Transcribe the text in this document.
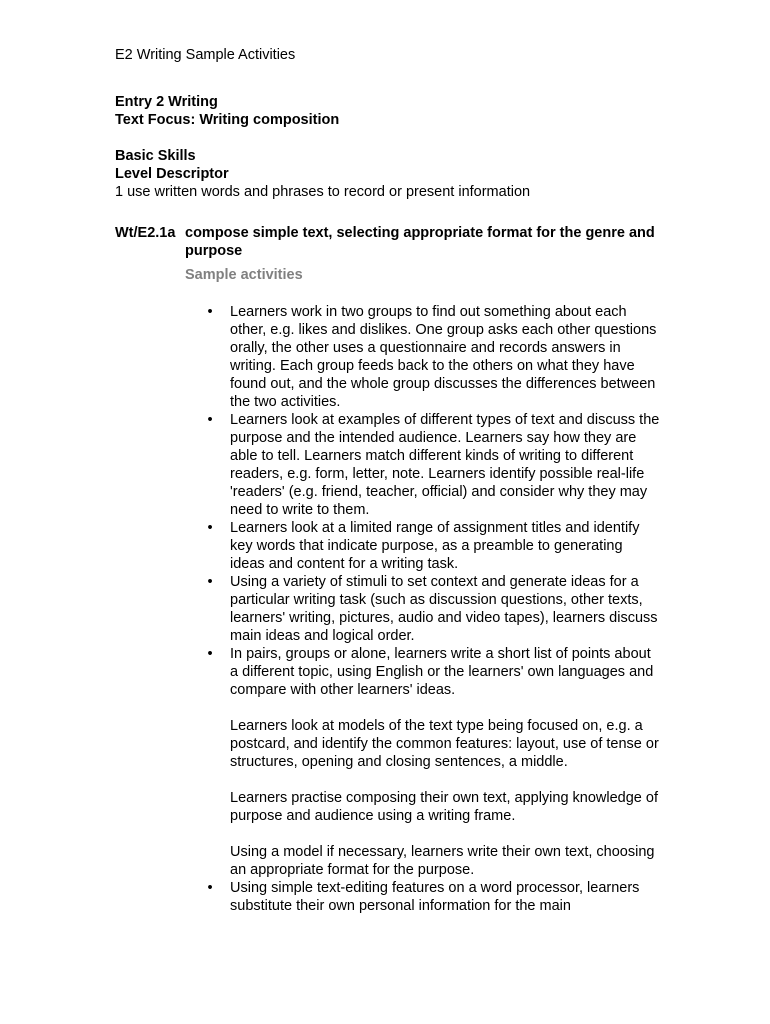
E2 Writing Sample Activities
Entry 2 Writing
Text Focus: Writing composition
Basic Skills
Level Descriptor
1 use written words and phrases to record or present information
Wt/E2.1a compose simple text, selecting appropriate format for the genre and purpose
Sample activities
• Learners work in two groups to find out something about each other, e.g. likes and dislikes. One group asks each other questions orally, the other uses a questionnaire and records answers in writing. Each group feeds back to the others on what they have found out, and the whole group discusses the differences between the two activities.
• Learners look at examples of different types of text and discuss the purpose and the intended audience. Learners say how they are able to tell. Learners match different kinds of writing to different readers, e.g. form, letter, note. Learners identify possible real-life 'readers' (e.g. friend, teacher, official) and consider why they may need to write to them.
• Learners look at a limited range of assignment titles and identify key words that indicate purpose, as a preamble to generating ideas and content for a writing task.
• Using a variety of stimuli to set context and generate ideas for a particular writing task (such as discussion questions, other texts, learners' writing, pictures, audio and video tapes), learners discuss main ideas and logical order.
• In pairs, groups or alone, learners write a short list of points about a different topic, using English or the learners' own languages and compare with other learners' ideas.
Learners look at models of the text type being focused on, e.g. a postcard, and identify the common features: layout, use of tense or structures, opening and closing sentences, a middle.
Learners practise composing their own text, applying knowledge of purpose and audience using a writing frame.
Using a model if necessary, learners write their own text, choosing an appropriate format for the purpose.
• Using simple text-editing features on a word processor, learners substitute their own personal information for the main
